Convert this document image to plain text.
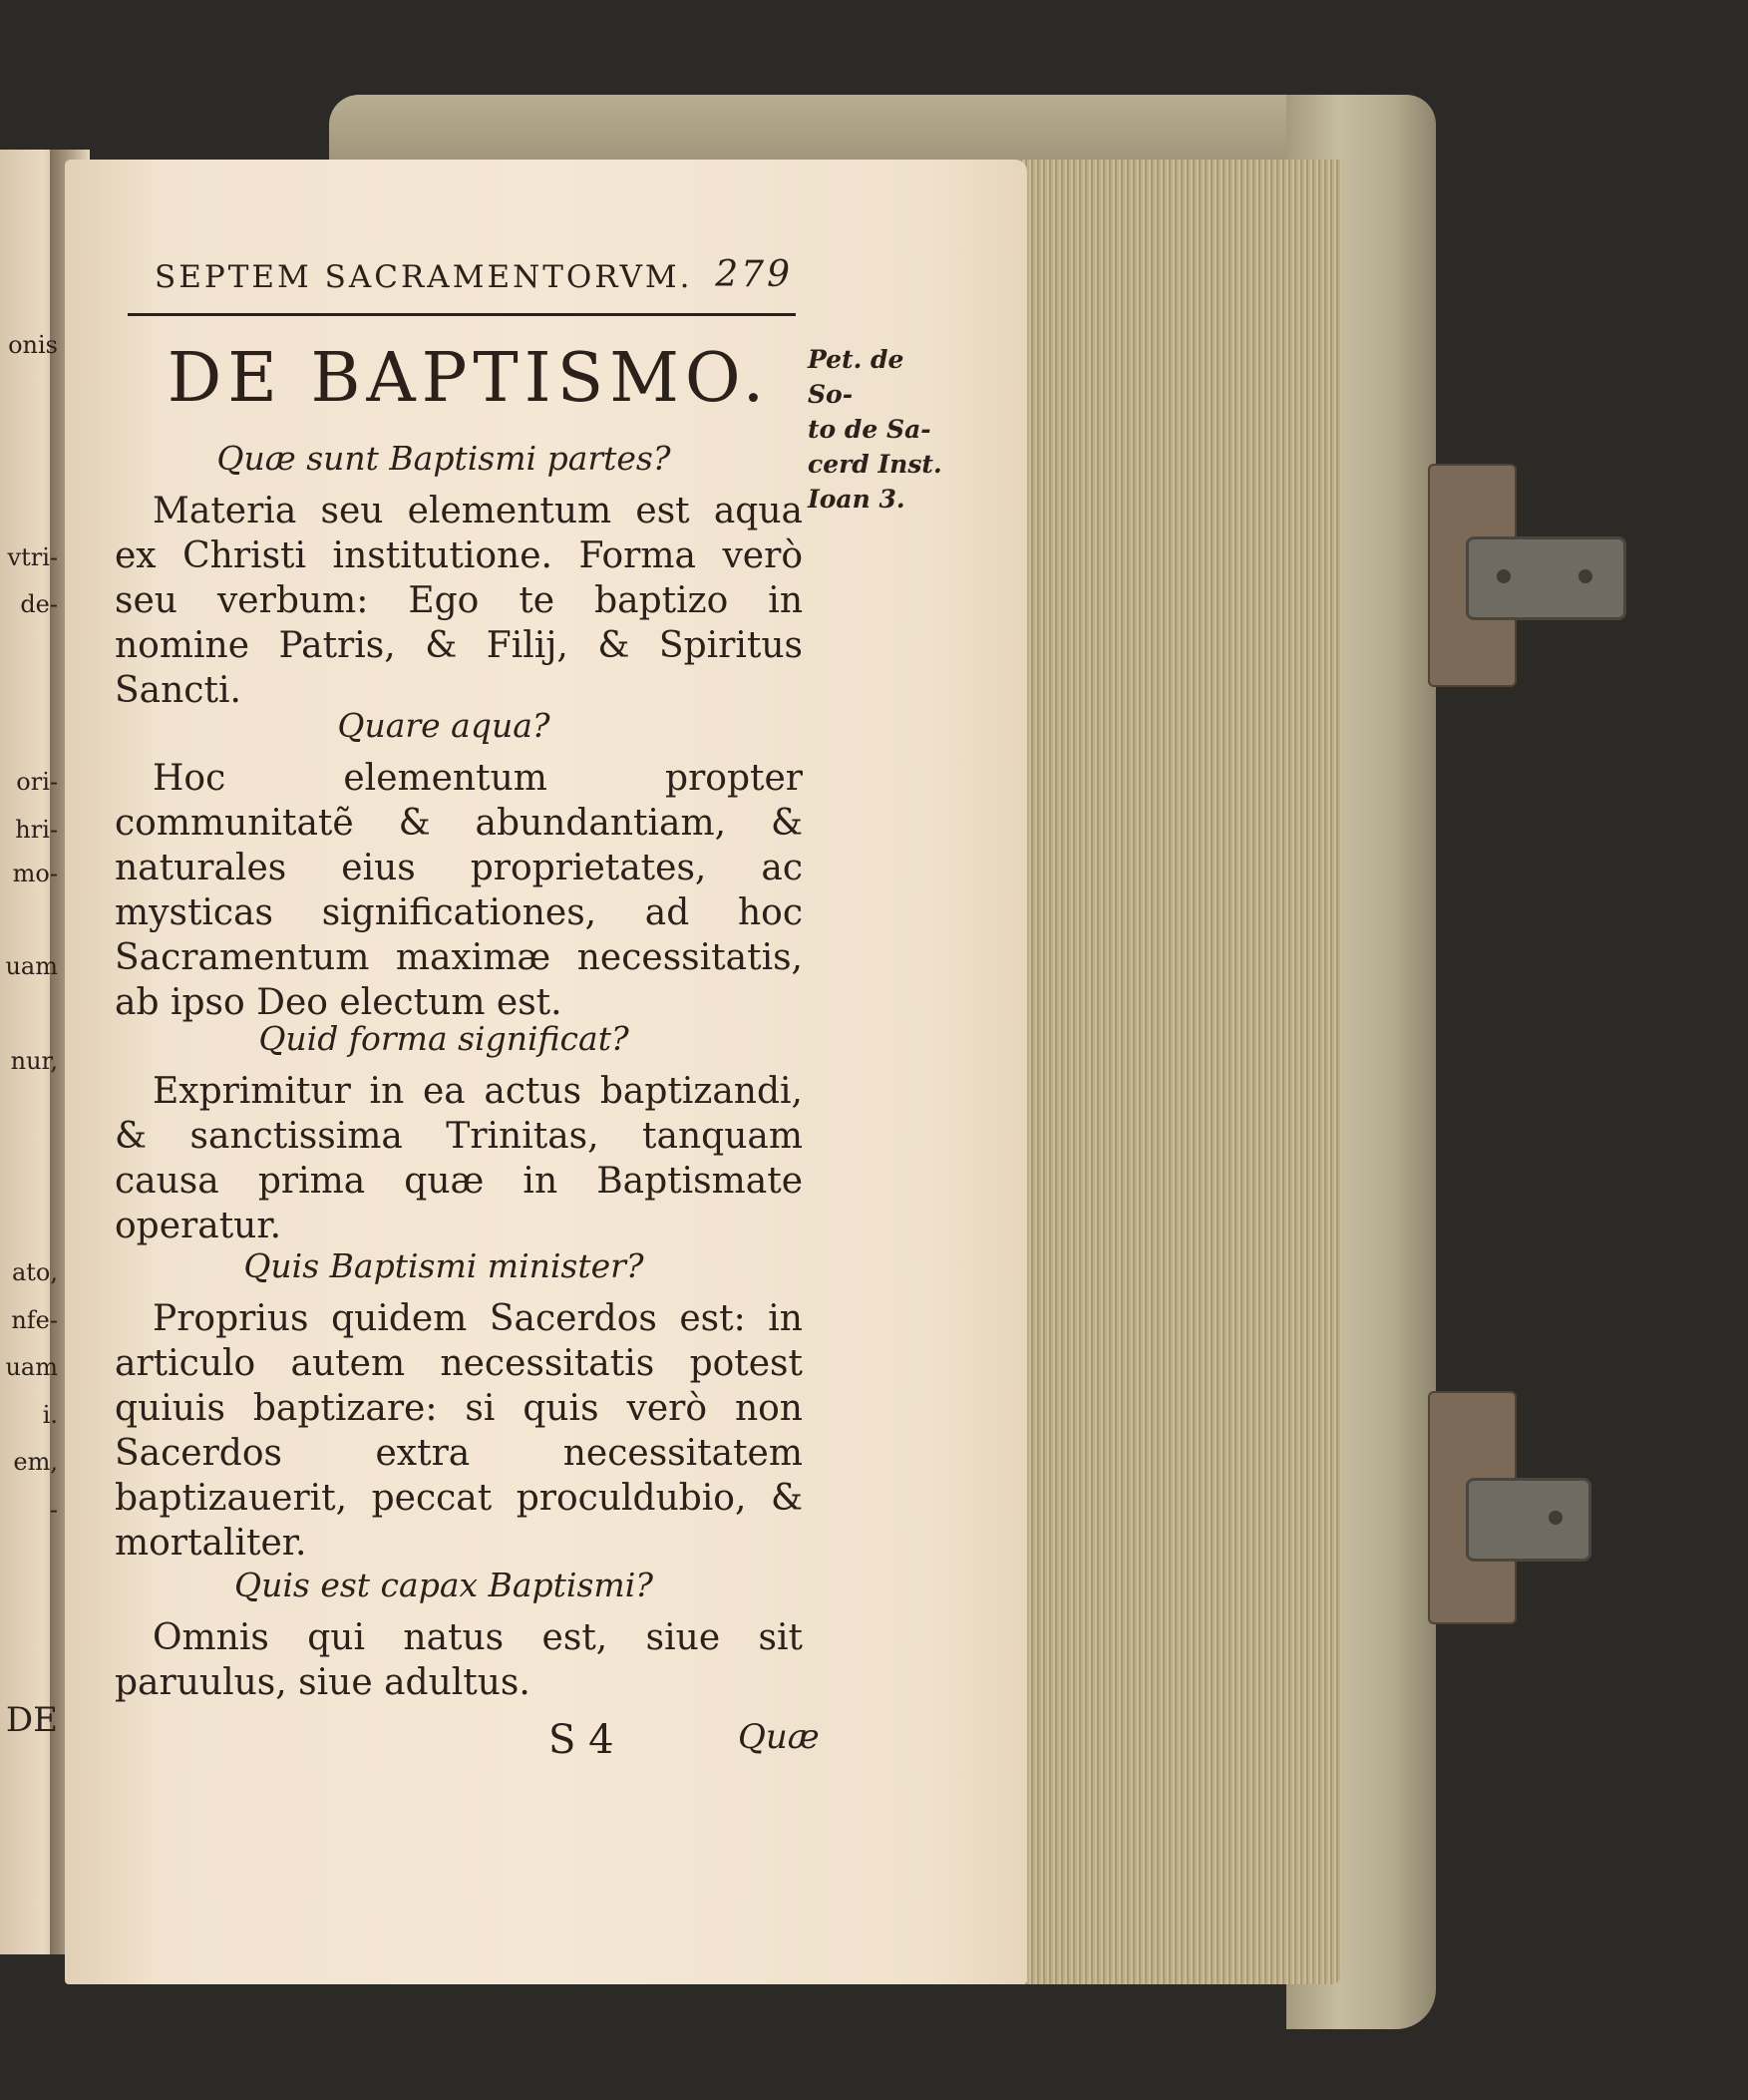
onis
vtri-
de-
ori-
hri-
mo-
uam
nur,
ato,
nfe-
uam
i.
em,
-
DE
SEPTEM SACRAMENTORVM. 279
DE BAPTISMO.	Pet. de So-
to de Sa-
cerd Inst.
Ioan 3.
Quæ sunt Baptismi partes?
Materia seu elementum est aqua ex Christi institutione. Forma verò seu verbum: Ego te baptizo in nomine Patris, & Filij, & Spiritus Sancti.
Quare aqua?
Hoc elementum propter communitatẽ & abundantiam, & naturales eius proprietates, ac mysticas significationes, ad hoc Sacramentum maximæ necessitatis, ab ipso Deo electum est.
Quid forma significat?
Exprimitur in ea actus baptizandi, & sanctissima Trinitas, tanquam causa prima quæ in Baptismate operatur.
Quis Baptismi minister?
Proprius quidem Sacerdos est: in articulo autem necessitatis potest quiuis baptizare: si quis verò non Sacerdos extra necessitatem baptizauerit, peccat proculdubio, & mortaliter.
Quis est capax Baptismi?
Omnis qui natus est, siue sit paruulus, siue adultus.
S 4	Quæ
